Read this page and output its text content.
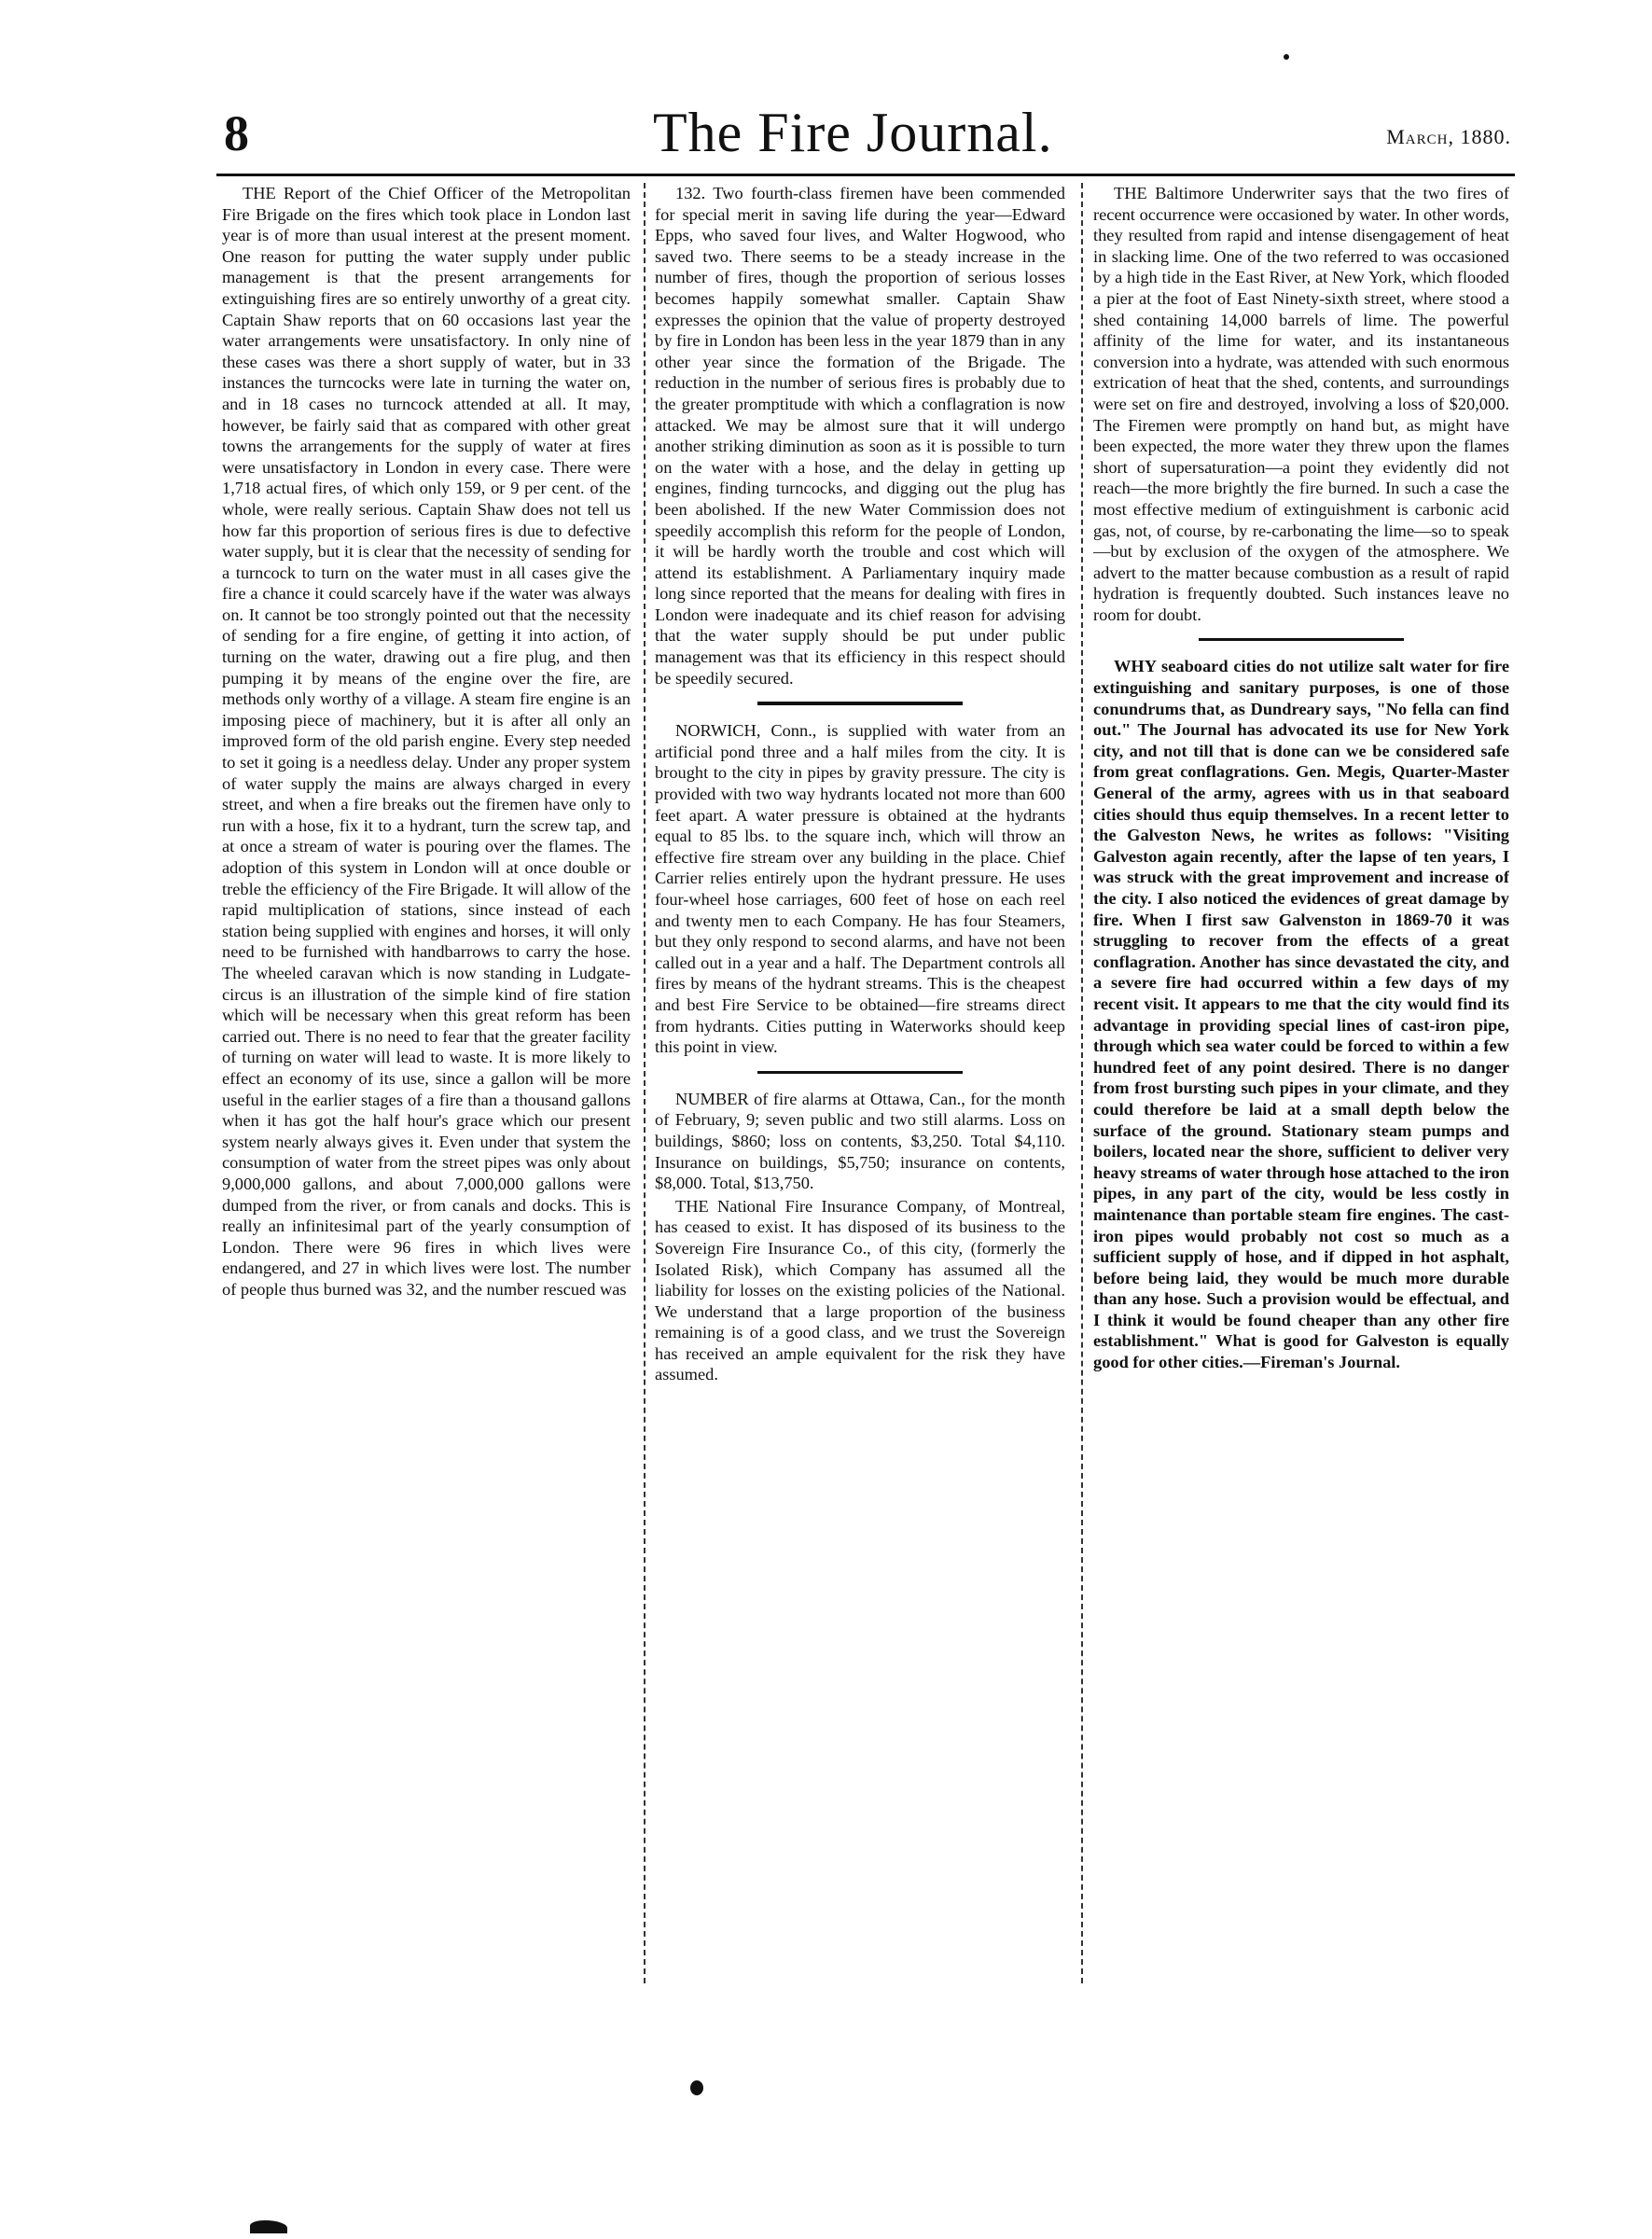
8	The Fire Journal.	March, 1880.

THE Report of the Chief Officer of the Metropolitan Fire Brigade on the fires which took place in London last year is of more than usual interest at the present moment. One reason for putting the water supply under public management is that the present arrangements for extinguishing fires are so entirely unworthy of a great city. Captain Shaw reports that on 60 occasions last year the water arrangements were unsatisfactory. In only nine of these cases was there a short supply of water, but in 33 instances the turncocks were late in turning the water on, and in 18 cases no turncock attended at all. It may, however, be fairly said that as compared with other great towns the arrangements for the supply of water at fires were unsatisfactory in London in every case. There were 1,718 actual fires, of which only 159, or 9 per cent. of the whole, were really serious. Captain Shaw does not tell us how far this proportion of serious fires is due to defective water supply, but it is clear that the necessity of sending for a turncock to turn on the water must in all cases give the fire a chance it could scarcely have if the water was always on. It cannot be too strongly pointed out that the necessity of sending for a fire engine, of getting it into action, of turning on the water, drawing out a fire plug, and then pumping it by means of the engine over the fire, are methods only worthy of a village. A steam fire engine is an imposing piece of machinery, but it is after all only an improved form of the old parish engine. Every step needed to set it going is a needless delay. Under any proper system of water supply the mains are always charged in every street, and when a fire breaks out the firemen have only to run with a hose, fix it to a hydrant, turn the screw tap, and at once a stream of water is pouring over the flames. The adoption of this system in London will at once double or treble the efficiency of the Fire Brigade. It will allow of the rapid multiplication of stations, since instead of each station being supplied with engines and horses, it will only need to be furnished with handbarrows to carry the hose. The wheeled caravan which is now standing in Ludgate-circus is an illustration of the simple kind of fire station which will be necessary when this great reform has been carried out. There is no need to fear that the greater facility of turning on water will lead to waste. It is more likely to effect an economy of its use, since a gallon will be more useful in the earlier stages of a fire than a thousand gallons when it has got the half hour's grace which our present system nearly always gives it. Even under that system the consumption of water from the street pipes was only about 9,000,000 gallons, and about 7,000,000 gallons were dumped from the river, or from canals and docks. This is really an infinitesimal part of the yearly consumption of London. There were 96 fires in which lives were endangered, and 27 in which lives were lost. The number of people thus burned was 32, and the number rescued was

132. Two fourth-class firemen have been commended for special merit in saving life during the year—Edward Epps, who saved four lives, and Walter Hogwood, who saved two. There seems to be a steady increase in the number of fires, though the proportion of serious losses becomes happily somewhat smaller. Captain Shaw expresses the opinion that the value of property destroyed by fire in London has been less in the year 1879 than in any other year since the formation of the Brigade. The reduction in the number of serious fires is probably due to the greater promptitude with which a conflagration is now attacked. We may be almost sure that it will undergo another striking diminution as soon as it is possible to turn on the water with a hose, and the delay in getting up engines, finding turncocks, and digging out the plug has been abolished. If the new Water Commission does not speedily accomplish this reform for the people of London, it will be hardly worth the trouble and cost which will attend its establishment. A Parliamentary inquiry made long since reported that the means for dealing with fires in London were inadequate and its chief reason for advising that the water supply should be put under public management was that its efficiency in this respect should be speedily secured.

NORWICH, Conn., is supplied with water from an artificial pond three and a half miles from the city. It is brought to the city in pipes by gravity pressure. The city is provided with two way hydrants located not more than 600 feet apart. A water pressure is obtained at the hydrants equal to 85 lbs. to the square inch, which will throw an effective fire stream over any building in the place. Chief Carrier relies entirely upon the hydrant pressure. He uses four-wheel hose carriages, 600 feet of hose on each reel and twenty men to each Company. He has four Steamers, but they only respond to second alarms, and have not been called out in a year and a half. The Department controls all fires by means of the hydrant streams. This is the cheapest and best Fire Service to be obtained—fire streams direct from hydrants. Cities putting in Waterworks should keep this point in view.

NUMBER of fire alarms at Ottawa, Can., for the month of February, 9; seven public and two still alarms. Loss on buildings, $860; loss on contents, $3,250. Total $4,110. Insurance on buildings, $5,750; insurance on contents, $8,000. Total, $13,750.

THE National Fire Insurance Company, of Montreal, has ceased to exist. It has disposed of its business to the Sovereign Fire Insurance Co., of this city, (formerly the Isolated Risk), which Company has assumed all the liability for losses on the existing policies of the National. We understand that a large proportion of the business remaining is of a good class, and we trust the Sovereign has received an ample equivalent for the risk they have assumed.

THE Baltimore Underwriter says that the two fires of recent occurrence were occasioned by water. In other words, they resulted from rapid and intense disengagement of heat in slacking lime. One of the two referred to was occasioned by a high tide in the East River, at New York, which flooded a pier at the foot of East Ninety-sixth street, where stood a shed containing 14,000 barrels of lime. The powerful affinity of the lime for water, and its instantaneous conversion into a hydrate, was attended with such enormous extrication of heat that the shed, contents, and surroundings were set on fire and destroyed, involving a loss of $20,000. The Firemen were promptly on hand but, as might have been expected, the more water they threw upon the flames short of supersaturation—a point they evidently did not reach—the more brightly the fire burned. In such a case the most effective medium of extinguishment is carbonic acid gas, not, of course, by re-carbonating the lime—so to speak—but by exclusion of the oxygen of the atmosphere. We advert to the matter because combustion as a result of rapid hydration is frequently doubted. Such instances leave no room for doubt.

WHY seaboard cities do not utilize salt water for fire extinguishing and sanitary purposes, is one of those conundrums that, as Dundreary says, "No fella can find out." The Journal has advocated its use for New York city, and not till that is done can we be considered safe from great conflagrations. Gen. Megis, Quarter-Master General of the army, agrees with us in that seaboard cities should thus equip themselves. In a recent letter to the Galveston News, he writes as follows: "Visiting Galveston again recently, after the lapse of ten years, I was struck with the great improvement and increase of the city. I also noticed the evidences of great damage by fire. When I first saw Galvenston in 1869-70 it was struggling to recover from the effects of a great conflagration. Another has since devastated the city, and a severe fire had occurred within a few days of my recent visit. It appears to me that the city would find its advantage in providing special lines of cast-iron pipe, through which sea water could be forced to within a few hundred feet of any point desired. There is no danger from frost bursting such pipes in your climate, and they could therefore be laid at a small depth below the surface of the ground. Stationary steam pumps and boilers, located near the shore, sufficient to deliver very heavy streams of water through hose attached to the iron pipes, in any part of the city, would be less costly in maintenance than portable steam fire engines. The cast-iron pipes would probably not cost so much as a sufficient supply of hose, and if dipped in hot asphalt, before being laid, they would be much more durable than any hose. Such a provision would be effectual, and I think it would be found cheaper than any other fire establishment." What is good for Galveston is equally good for other cities.—Fireman's Journal.
